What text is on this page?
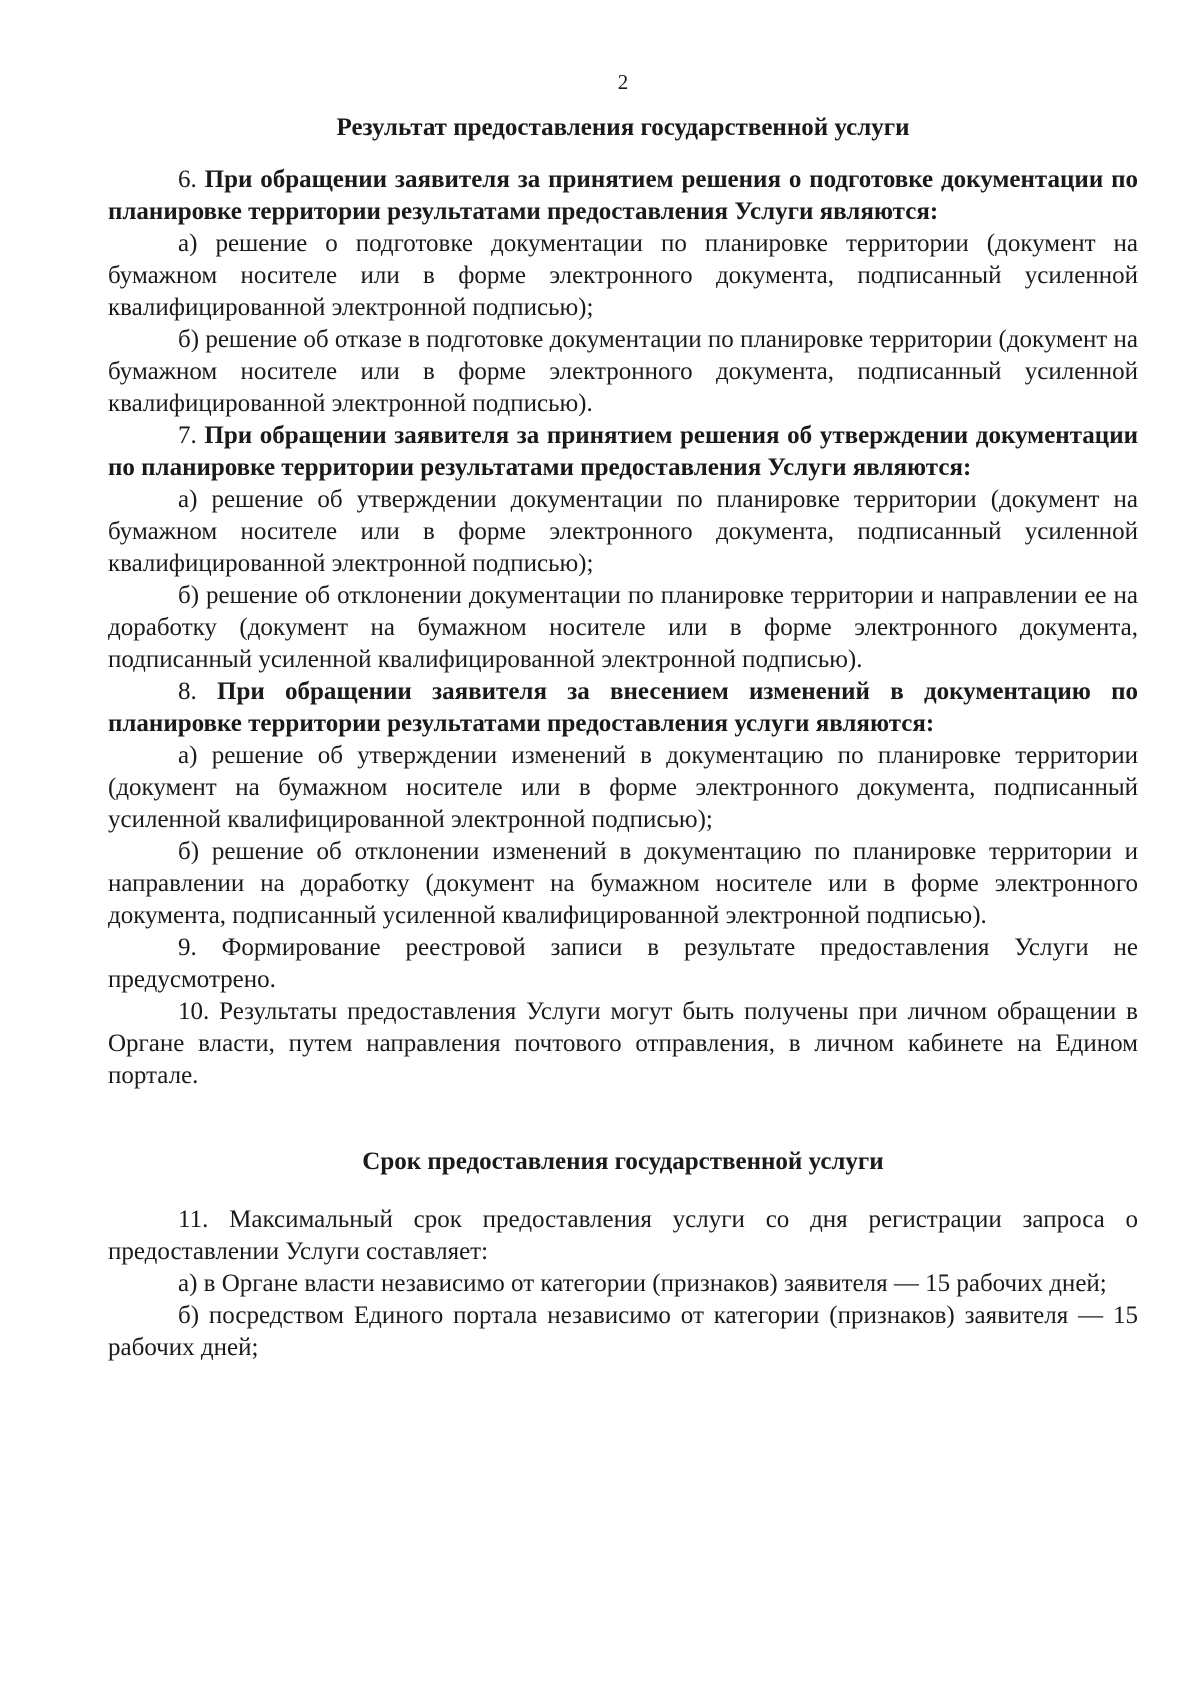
2
Результат предоставления государственной услуги

6. При обращении заявителя за принятием решения о подготовке документации по планировке территории результатами предоставления Услуги являются:

а) решение о подготовке документации по планировке территории (документ на бумажном носителе или в форме электронного документа, подписанный усиленной квалифицированной электронной подписью);

б) решение об отказе в подготовке документации по планировке территории (документ на бумажном носителе или в форме электронного документа, подписанный усиленной квалифицированной электронной подписью).

7. При обращении заявителя за принятием решения об утверждении документации по планировке территории результатами предоставления Услуги являются:

а) решение об утверждении документации по планировке территории (документ на бумажном носителе или в форме электронного документа, подписанный усиленной квалифицированной электронной подписью);

б) решение об отклонении документации по планировке территории и направлении ее на доработку (документ на бумажном носителе или в форме электронного документа, подписанный усиленной квалифицированной электронной подписью).

8. При обращении заявителя за внесением изменений в документацию по планировке территории результатами предоставления услуги являются:

а) решение об утверждении изменений в документацию по планировке территории (документ на бумажном носителе или в форме электронного документа, подписанный усиленной квалифицированной электронной подписью);

б) решение об отклонении изменений в документацию по планировке территории и направлении на доработку (документ на бумажном носителе или в форме электронного документа, подписанный усиленной квалифицированной электронной подписью).

9. Формирование реестровой записи в результате предоставления Услуги не предусмотрено.

10. Результаты предоставления Услуги могут быть получены при личном обращении в Органе власти, путем направления почтового отправления, в личном кабинете на Едином портале.

Срок предоставления государственной услуги

11. Максимальный срок предоставления услуги со дня регистрации запроса о предоставлении Услуги составляет:

а) в Органе власти независимо от категории (признаков) заявителя — 15 рабочих дней;

б) посредством Единого портала независимо от категории (признаков) заявителя — 15 рабочих дней;
